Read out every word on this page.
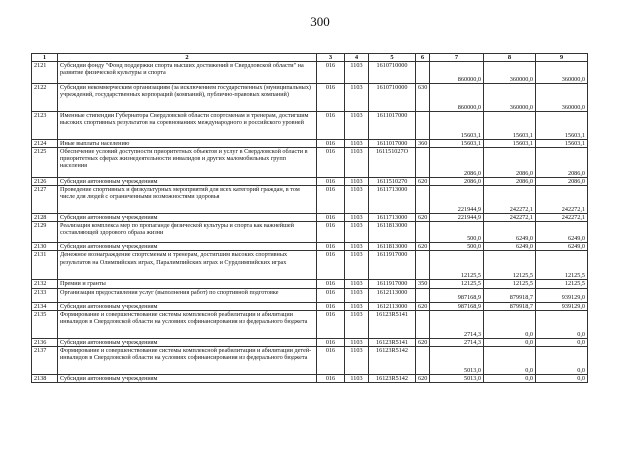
300
1	2	3	4	5	6	7	8	9
2121	Субсидии фонду "Фонд поддержки спорта высших достижений в Свердловской области" на развитие физической культуры и спорта	016	1103	1610710000		860000,0	360000,0	360000,0
2122	Субсидии некоммерческим организациям (за исключением государственных (муниципальных) учреждений, государственных корпораций (компаний), публично-правовых компаний)	016	1103	1610710000	630	860000,0	360000,0	360000,0
2123	Именные стипендии Губернатора Свердловской области спортсменам и тренерам, достигшим высоких спортивных результатов на соревнованиях международного и российского уровней	016	1103	1611017000		15603,1	15603,1	15603,1
2124	Иные выплаты населению	016	1103	1611017000	360	15603,1	15603,1	15603,1
2125	Обеспечение условий доступности приоритетных объектов и услуг в Свердловской области в приоритетных сферах жизнедеятельности инвалидов и других маломобильных групп населения	016	1103	161151027О		2086,0	2086,0	2086,0
2126	Субсидии автономным учреждениям	016	1103	1611510270	620	2086,0	2086,0	2086,0
2127	Проведение спортивных и физкультурных мероприятий для всех категорий граждан, в том числе для людей с ограниченными возможностями здоровья	016	1103	1611713000		221944,9	242272,1	242272,1
2128	Субсидии автономным учреждениям	016	1103	1611713000	620	221944,9	242272,1	242272,1
2129	Реализация комплекса мер по пропаганде физической культуры и спорта как важнейшей составляющей здорового образа жизни	016	1103	1611813000		500,0	6249,0	6249,0
2130	Субсидии автономным учреждениям	016	1103	1611813000	620	500,0	6249,0	6249,0
2131	Денежное вознаграждение спортсменам и тренерам, достигшим высоких спортивных результатов на Олимпийских играх, Паралимпийских играх и Сурдлимпийских играх	016	1103	1611917000		12125,5	12125,5	12125,5
2132	Премии и гранты	016	1103	1611917000	350	12125,5	12125,5	12125,5
2133	Организация предоставления услуг (выполнения работ) по спортивной подготовке	016	1103	1612113000		987168,9	879918,7	939129,0
2134	Субсидии автономным учреждениям	016	1103	1612113000	620	987168,9	879918,7	939129,0
2135	Формирование и совершенствование системы комплексной реабилитации и абилитации инвалидов в Свердловской области на условиях софинансирования из федерального бюджета	016	1103	16123R5141		2714,3	0,0	0,0
2136	Субсидии автономным учреждениям	016	1103	16123R5141	620	2714,3	0,0	0,0
2137	Формирование и совершенствование системы комплексной реабилитации и абилитации детей-инвалидов в Свердловской области на условиях софинансирования из федерального бюджета	016	1103	16123R5142		5013,0	0,0	0,0
2138	Субсидии автономным учреждениям	016	1103	16123R5142	620	5013,0	0,0	0,0
